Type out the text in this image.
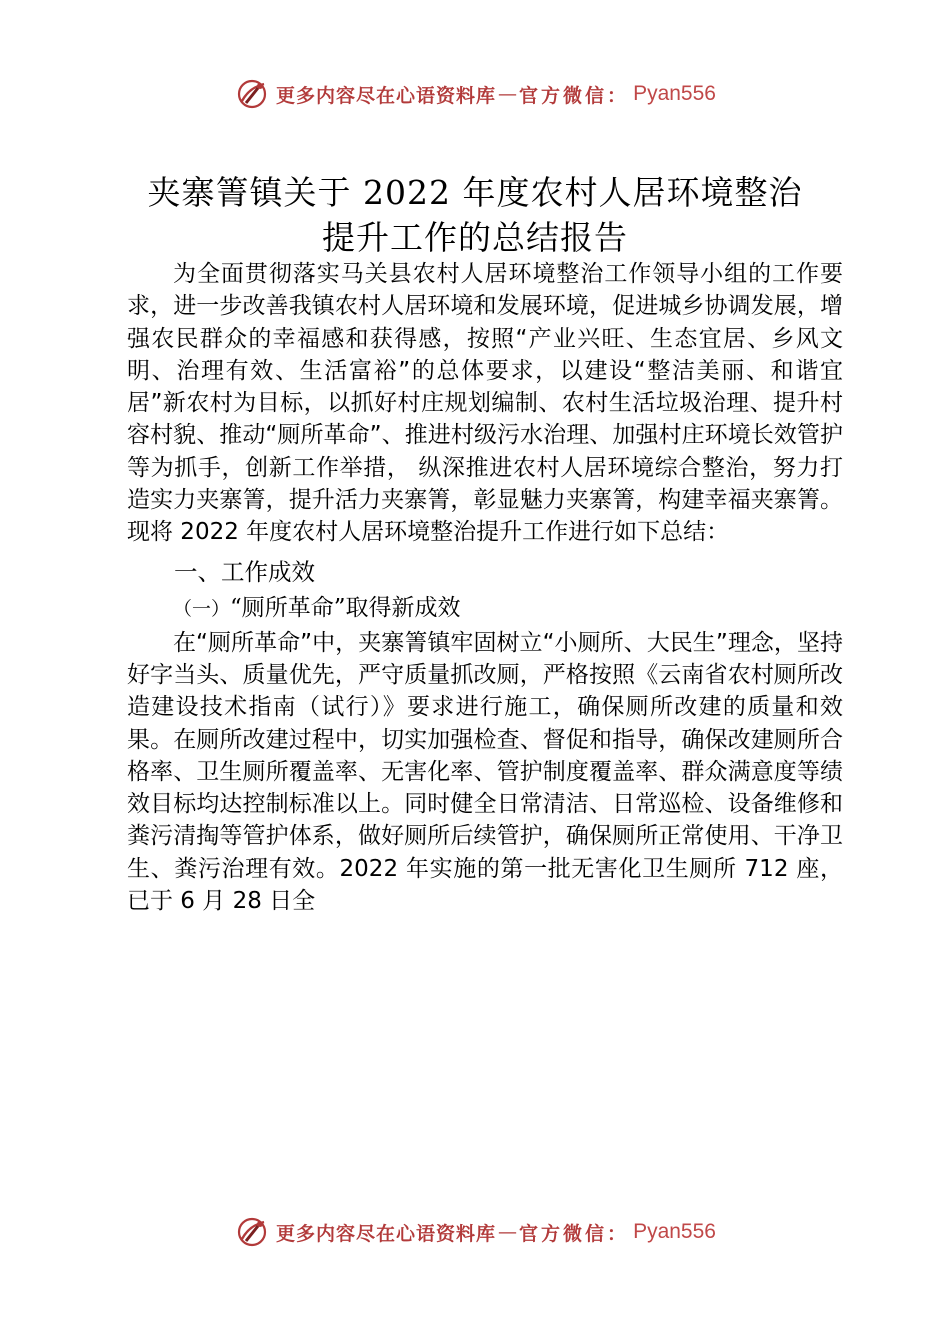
更多内容尽在心语资料库 — 官方微信： Pyan556
夹寨箐镇关于 2022 年度农村人居环境整治
提升工作的总结报告

为全面贯彻落实马关县农村人居环境整治工作领导小组的工作要求，进一步改善我镇农村人居环境和发展环境，促进城乡协调发展，增强农民群众的幸福感和获得感，按照“产业兴旺、生态宜居、乡风文明、治理有效、生活富裕”的总体要求，以建设“整洁美丽、和谐宜居”新农村为目标，以抓好村庄规划编制、农村生活垃圾治理、提升村容村貌、推动“厕所革命”、推进村级污水治理、加强村庄环境长效管护等为抓手，创新工作举措， 纵深推进农村人居环境综合整治，努力打造实力夹寨箐，提升活力夹寨箐，彰显魅力夹寨箐，构建幸福夹寨箐。现将 2022 年度农村人居环境整治提升工作进行如下总结：

一、工作成效

（一）“厕所革命”取得新成效

在“厕所革命”中，夹寨箐镇牢固树立“小厕所、大民生”理念，坚持好字当头、质量优先，严守质量抓改厕，严格按照《云南省农村厕所改造建设技术指南（试行）》要求进行施工，确保厕所改建的质量和效果。在厕所改建过程中，切实加强检查、督促和指导，确保改建厕所合格率、卫生厕所覆盖率、无害化率、管护制度覆盖率、群众满意度等绩效目标均达控制标准以上。同时健全日常清洁、日常巡检、设备维修和粪污清掏等管护体系，做好厕所后续管护，确保厕所正常使用、干净卫生、粪污治理有效。2022 年实施的第一批无害化卫生厕所 712 座，已于 6 月 28 日全

更多内容尽在心语资料库 — 官方微信： Pyan556
